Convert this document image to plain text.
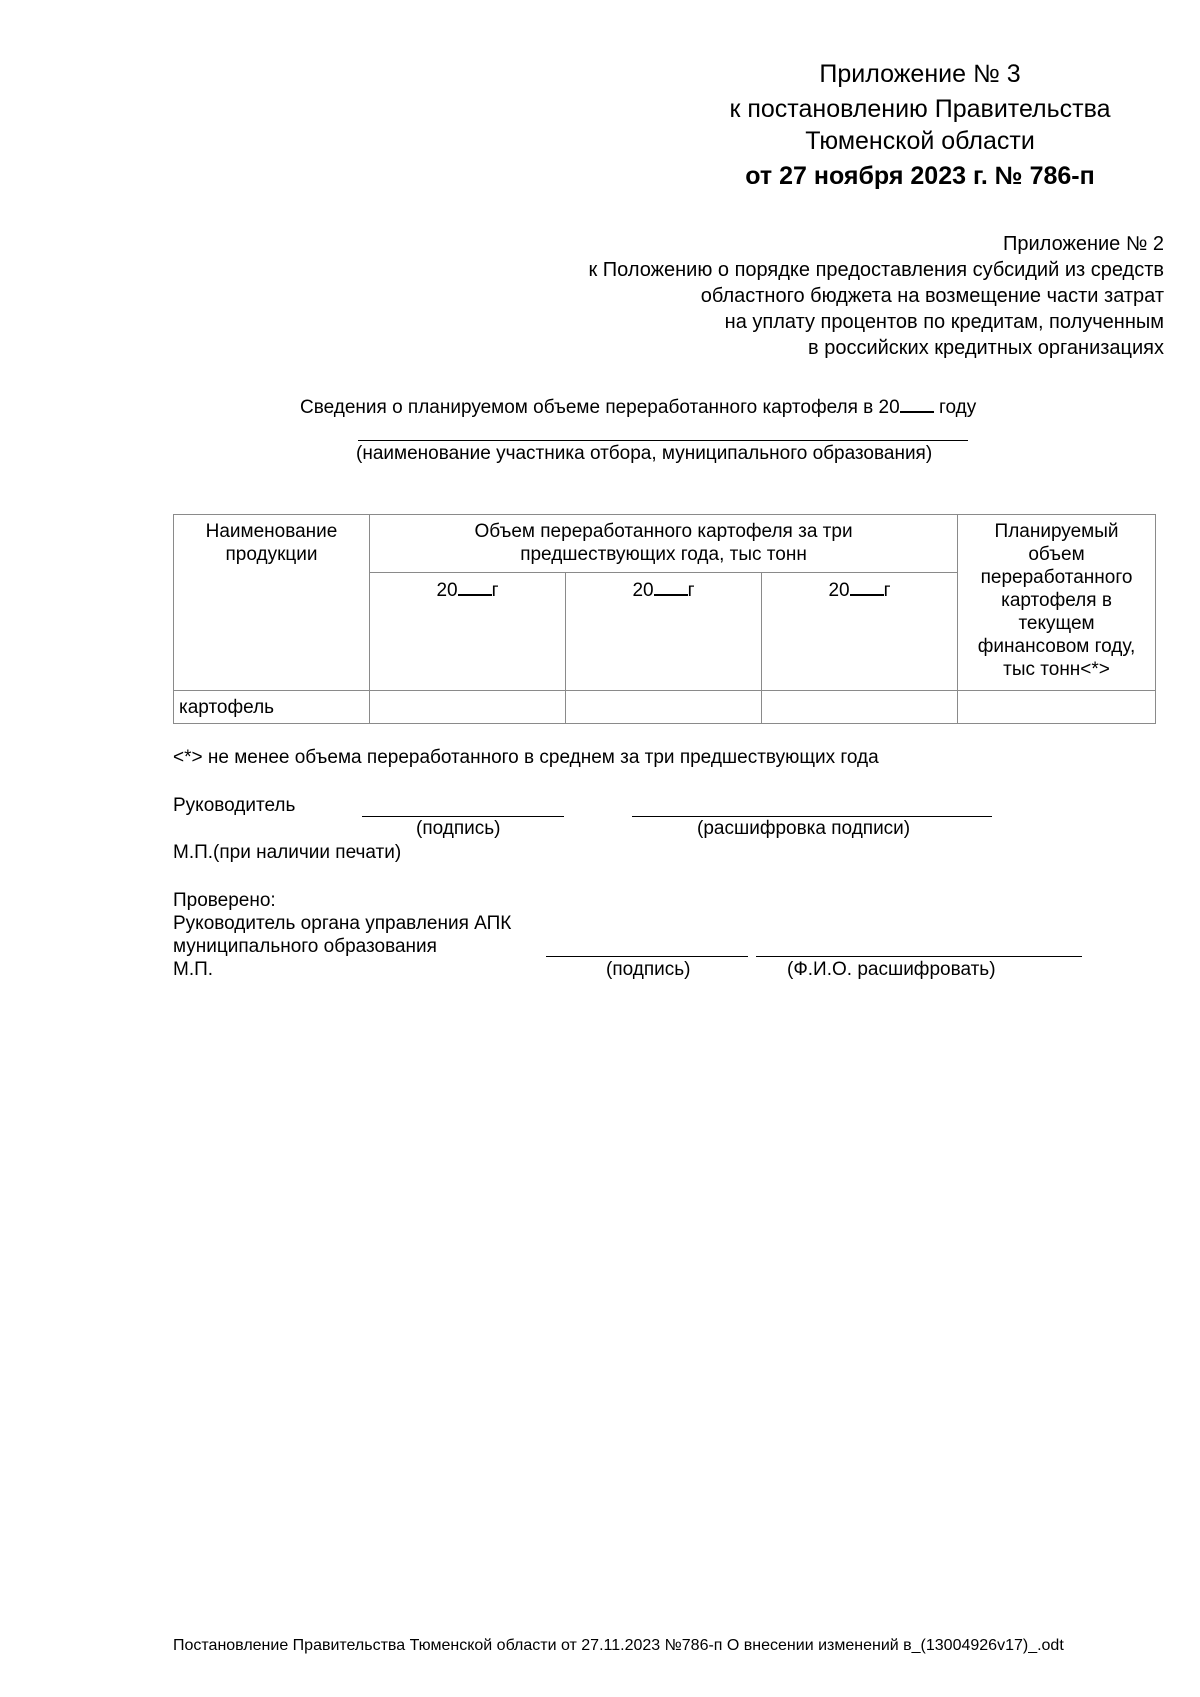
Приложение № 3
к постановлению Правительства
Тюменской области
от 27 ноября 2023 г. № 786-п
Приложение № 2
к Положению о порядке предоставления субсидий из средств
областного бюджета на возмещение части затрат
на уплату процентов по кредитам, полученным
в российских кредитных организациях
Сведения о планируемом объеме переработанного картофеля в 20 году
(наименование участника отбора, муниципального образования)
Наименование продукции	Объем переработанного картофеля за три предшествующих года, тыс тонн			Планируемый объем переработанного картофеля в текущем финансовом году, тыс тонн<*>

	20 г	20 г	20 г	

картофель				
<*> не менее объема переработанного в среднем за три предшествующих года
Руководитель
(подпись)	(расшифровка подписи)
М.П.(при наличии печати)
Проверено:
Руководитель органа управления АПК
муниципального образования
М.П.	(подпись)	(Ф.И.О. расшифровать)
Постановление Правительства Тюменской области от 27.11.2023 №786-п О внесении изменений в_(13004926v17)_.odt
